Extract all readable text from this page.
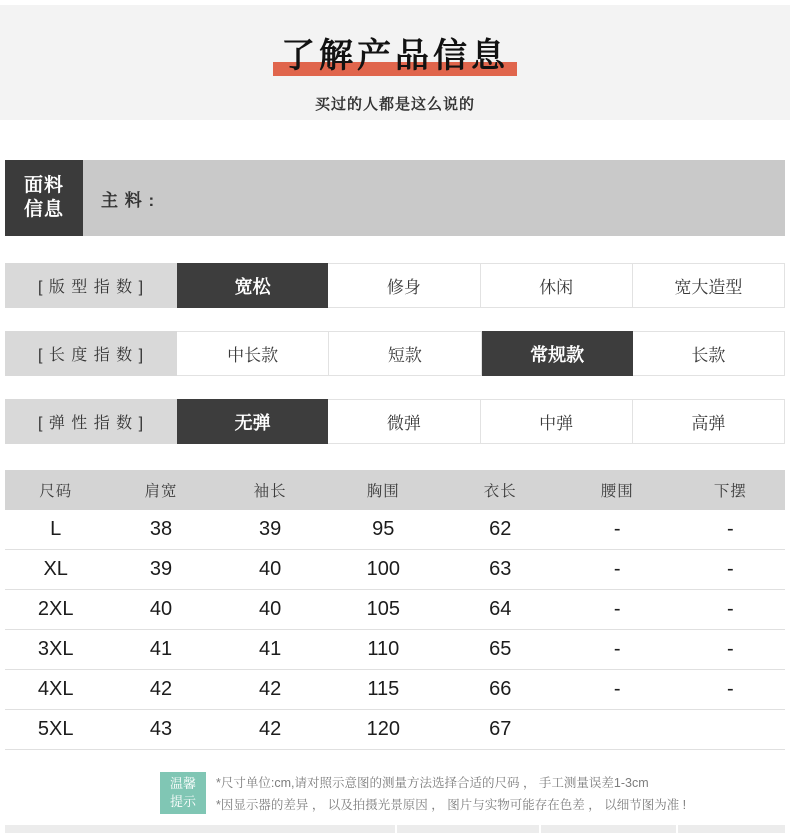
了解产品信息

买过的人都是这么说的

面料
信息 主 料 :
[ 版 型 指 数 ]	宽松	修身	休闲	宽大造型
[ 长 度 指 数 ]	中长款	短款	常规款	长款
[ 弹 性 指 数 ]	无弹	微弹	中弹	高弹
尺码	肩宽	袖长	胸围	衣长	腰围	下摆
L	38	39	95	62	-	-
XL	39	40	100	63	-	-
2XL	40	40	105	64	-	-
3XL	41	41	110	65	-	-
4XL	42	42	115	66	-	-
5XL	43	42	120	67		
温馨
提示
*尺寸单位:cm,请对照示意图的测量方法选择合适的尺码 ， 手工测量误差1-3cm
*因显示器的差异 ， 以及拍摄光景原因 ， 图片与实物可能存在色差 ， 以细节图为准 !
